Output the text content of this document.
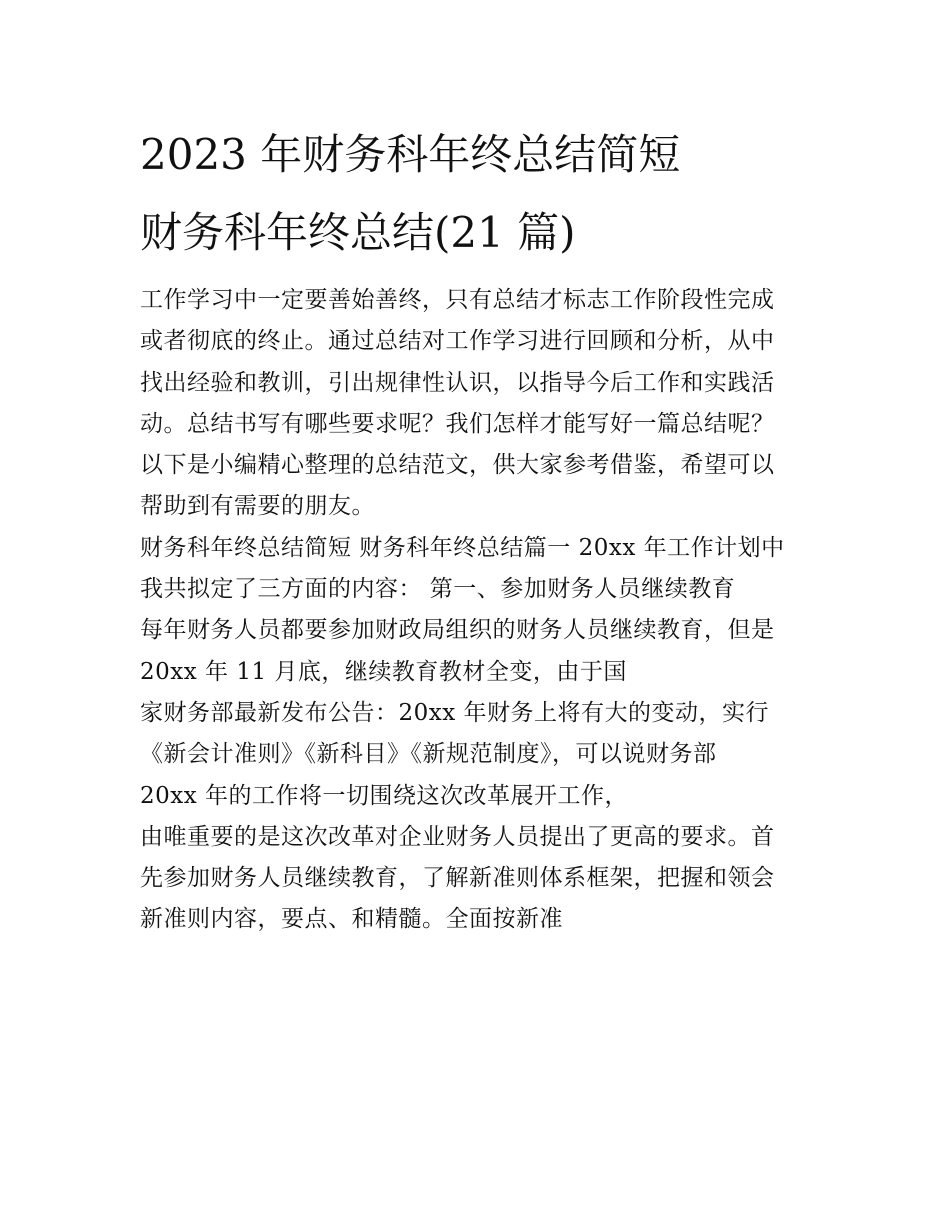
2023 年财务科年终总结简短
财务科年终总结(21 篇)
工作学习中一定要善始善终，只有总结才标志工作阶段性完成
或者彻底的终止。通过总结对工作学习进行回顾和分析，从中
找出经验和教训，引出规律性认识，以指导今后工作和实践活
动。总结书写有哪些要求呢？我们怎样才能写好一篇总结呢？
以下是小编精心整理的总结范文，供大家参考借鉴，希望可以
帮助到有需要的朋友。
财务科年终总结简短 财务科年终总结篇一 20xx 年工作计划中
我共拟定了三方面的内容： 第一、参加财务人员继续教育
每年财务人员都要参加财政局组织的财务人员继续教育，但是
20xx 年 11 月底，继续教育教材全变，由于国
家财务部最新发布公告：20xx 年财务上将有大的变动，实行
《新会计准则》《新科目》《新规范制度》，可以说财务部
20xx 年的工作将一切围绕这次改革展开工作，
由唯重要的是这次改革对企业财务人员提出了更高的要求。首
先参加财务人员继续教育，了解新准则体系框架，把握和领会
新准则内容，要点、和精髓。全面按新准
